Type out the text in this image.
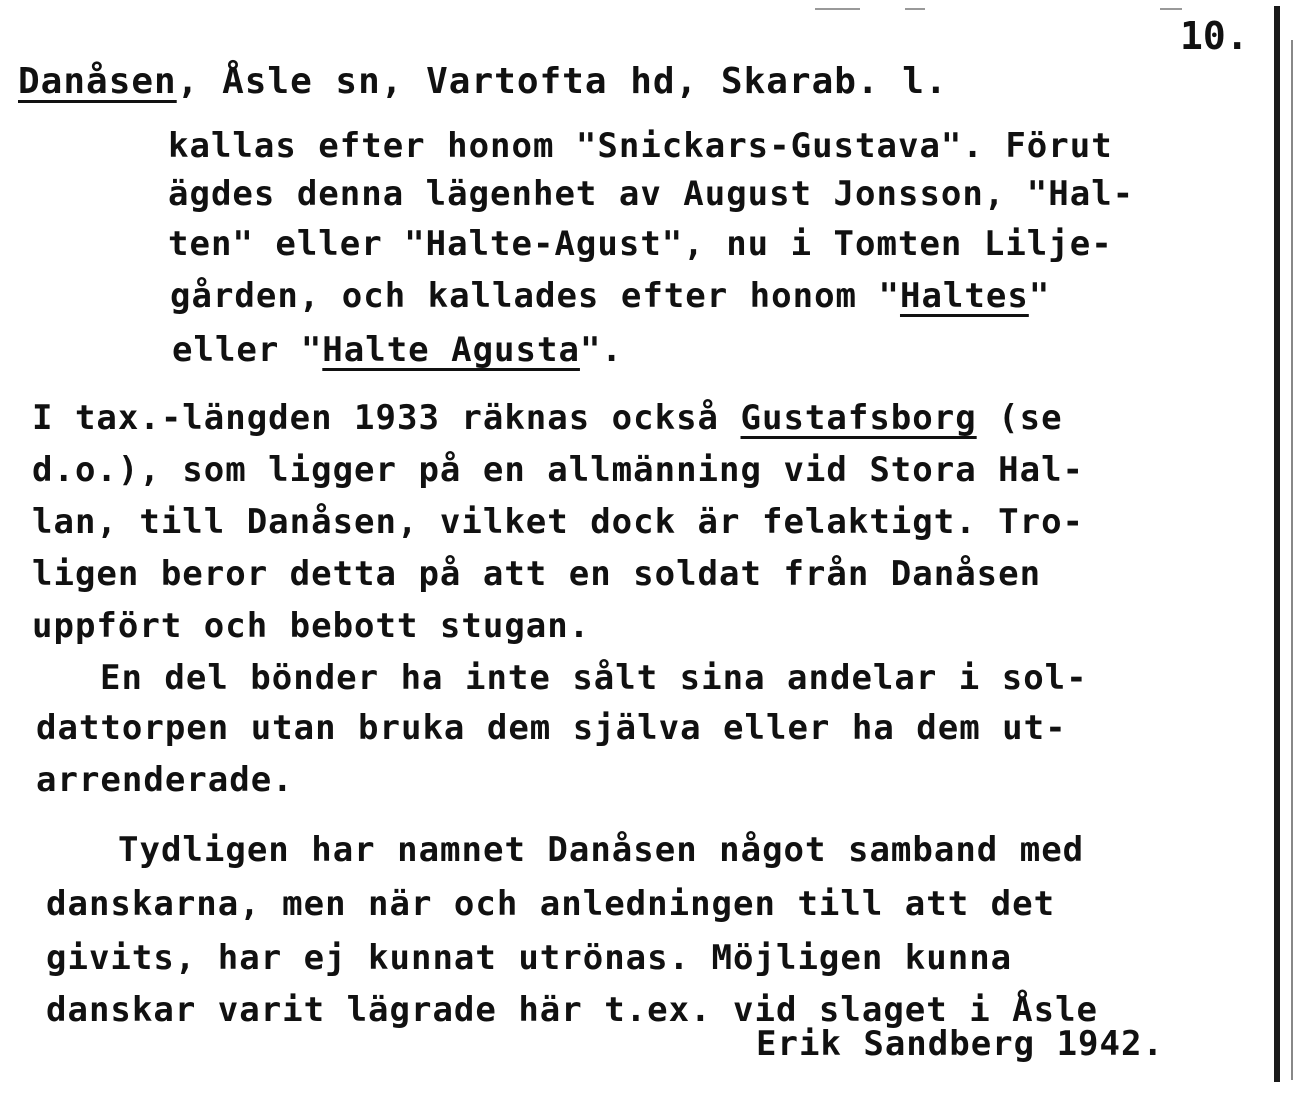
10.
Danåsen, Åsle sn, Vartofta hd, Skarab. l.
kallas efter honom "Snickars-Gustava". Förut
ägdes denna lägenhet av August Jonsson, "Hal-
ten" eller "Halte-Agust", nu i Tomten Lilje-
gården, och kallades efter honom "Haltes"
eller "Halte Agusta".
I tax.-längden 1933 räknas också Gustafsborg (se
d.o.), som ligger på en allmänning vid Stora Hal-
lan, till Danåsen, vilket dock är felaktigt. Tro-
ligen beror detta på att en soldat från Danåsen
uppfört och bebott stugan.
En del bönder ha inte sålt sina andelar i sol-
dattorpen utan bruka dem själva eller ha dem ut-
arrenderade.
Tydligen har namnet Danåsen något samband med
danskarna, men när och anledningen till att det
givits, har ej kunnat utrönas. Möjligen kunna
danskar varit lägrade här t.ex. vid slaget i Åsle
Erik Sandberg 1942.
